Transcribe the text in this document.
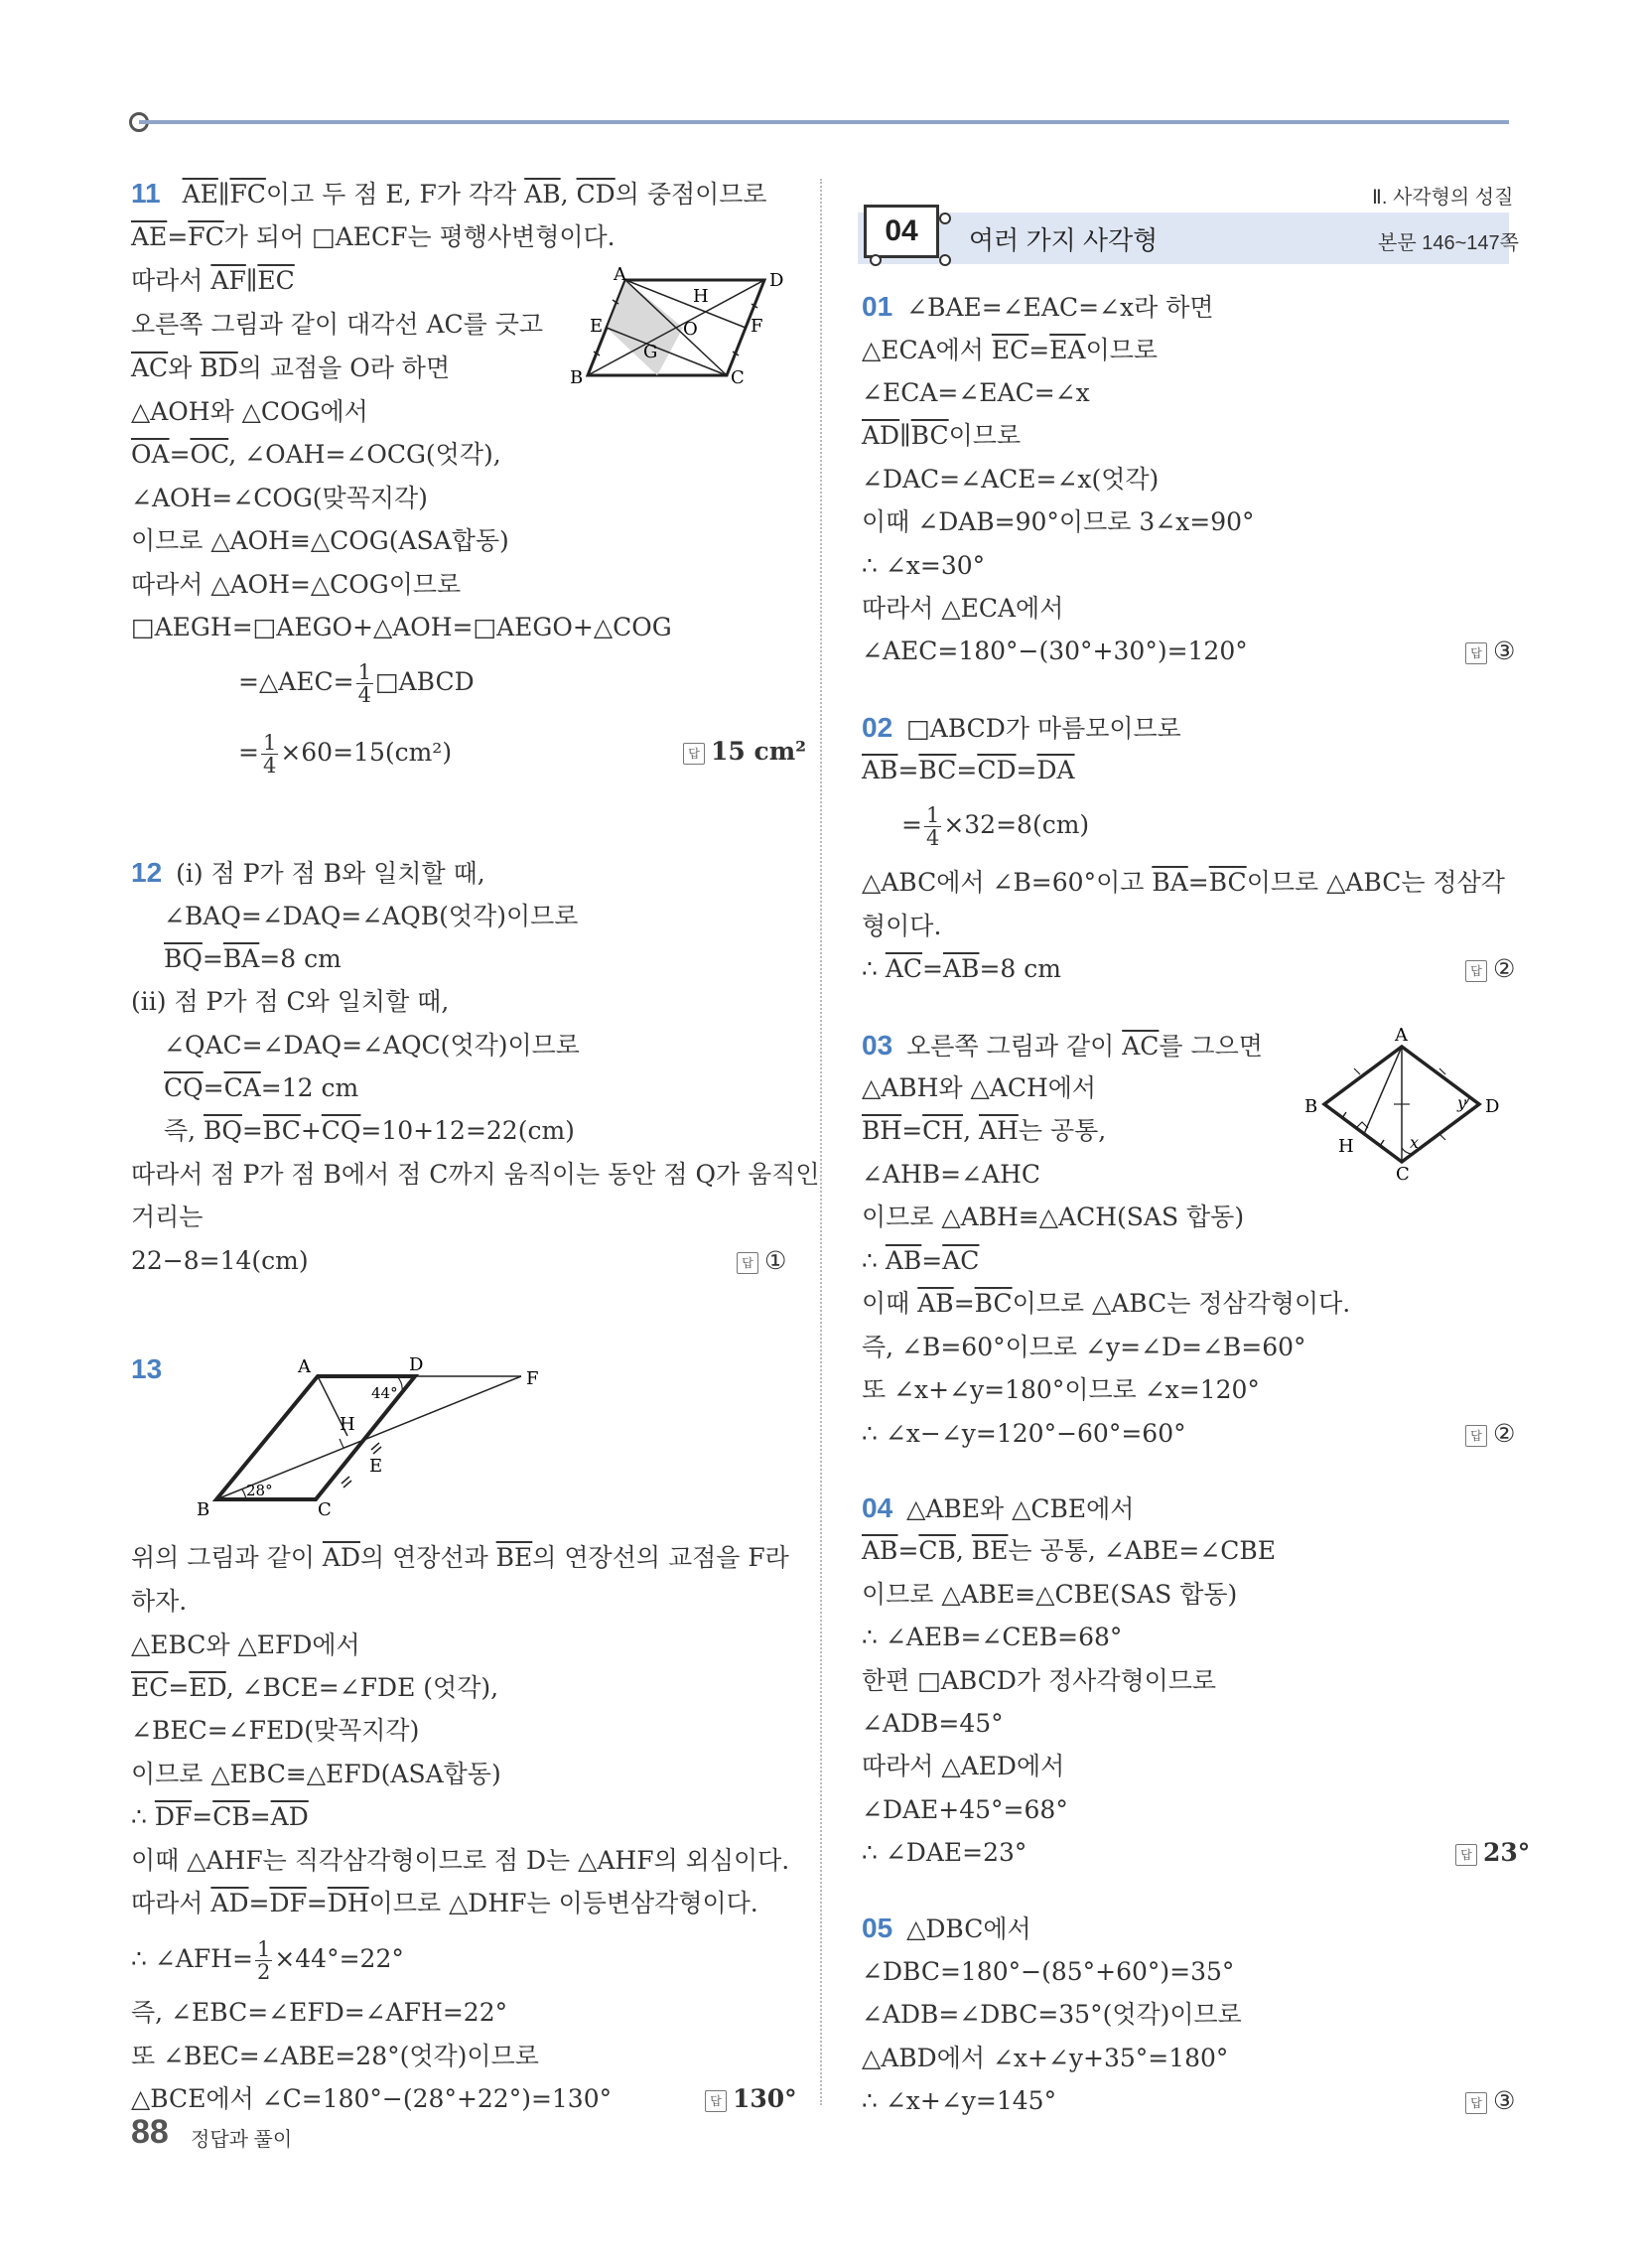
11 $\overline{AE}\parallel\overline{FC}$이고 두 점 E, F가 각각 $\overline{AB}$, $\overline{CD}$의 중점이므로
$\overline{AE}=\overline{FC}$가 되어 □AECF는 평행사변형이다.
따라서 $\overline{AF}\parallel\overline{EC}$
오른쪽 그림과 같이 대각선 AC를 긋고
$\overline{AC}$와 $\overline{BD}$의 교점을 O라 하면
△AOH와 △COG에서
$\overline{OA}=\overline{OC}$, ∠OAH=∠OCG(엇각),
∠AOH=∠COG(맞꼭지각)
이므로 △AOH≡△COG(ASA합동)
따라서 △AOH=△COG이므로
□AEGH=□AEGO+△AOH=□AEGO+△COG
=△AEC= $\frac{1}{4}$ □ABCD
= $\frac{1}{4} \times 60=15(cm^2)$	답 15 cm²
A	D
B	C
E	F
G
H
O
12 (ⅰ) 점 P가 점 B와 일치할 때,
∠BAQ=∠DAQ=∠AQB(엇각)이므로
$\overline{BQ}=\overline{BA}=8$ cm
(ⅱ) 점 P가 점 C와 일치할 때,
∠QAC=∠DAQ=∠AQC(엇각)이므로
$\overline{CQ}=\overline{CA}=12$ cm
즉, $\overline{BQ}=\overline{BC}+\overline{CQ}=10+12=22(cm)$
따라서 점 P가 점 B에서 점 C까지 움직이는 동안 점 Q가 움직인
거리는
22−8=14(cm)	답 ①
13	A	D
F
H
E
B	C
44°
28°
위의 그림과 같이 $\overline{AD}$의 연장선과 $\overline{BE}$의 연장선의 교점을 F라
하자.
△EBC와 △EFD에서
$\overline{EC}=\overline{ED}$, ∠BCE=∠FDE (엇각),
∠BEC=∠FED(맞꼭지각)
이므로 △EBC≡△EFD(ASA합동)
∴ $\overline{DF}=\overline{CB}=\overline{AD}$
이때 △AHF는 직각삼각형이므로 점 D는 △AHF의 외심이다.
따라서 $\overline{AD}=\overline{DF}=\overline{DH}$이므로 △DHF는 이등변삼각형이다.
∴ ∠AFH= $\frac{1}{2} \times 44^\circ=22^\circ$
즉, ∠EBC=∠EFD=∠AFH=22°
또 ∠BEC=∠ABE=28°(엇각)이므로
△BCE에서 ∠C=180°−(28°+22°)=130°	답 130°
Ⅱ. 사각형의 성질
04	여러 가지 사각형	본문 146~147쪽
01 ∠BAE=∠EAC=∠x라 하면
△ECA에서 $\overline{EC}=\overline{EA}$이므로
∠ECA=∠EAC=∠x
$\overline{AD}\parallel\overline{BC}$이므로
∠DAC=∠ACE=∠x(엇각)
이때 ∠DAB=90°이므로 3∠x=90°
∴ ∠x=30°
따라서 △ECA에서
∠AEC=180°−(30°+30°)=120°	답 ③
02 □ABCD가 마름모이므로
$\overline{AB}=\overline{BC}=\overline{CD}=\overline{DA}$
= $\frac{1}{4} \times 32=8(cm)$
△ABC에서 ∠B=60°이고 $\overline{BA}=\overline{BC}$이므로 △ABC는 정삼각
형이다.
∴ $\overline{AC}=\overline{AB}=8$ cm	답 ②
03 오른쪽 그림과 같이 $\overline{AC}$를 그으면
△ABH와 △ACH에서
$\overline{BH}=\overline{CH}$, $\overline{AH}$는 공통,
∠AHB=∠AHC
이므로 △ABH≡△ACH(SAS 합동)
∴ $\overline{AB}=\overline{AC}$
이때 $\overline{AB}=\overline{BC}$이므로 △ABC는 정삼각형이다.
즉, ∠B=60°이므로 ∠y=∠D=∠B=60°
또 ∠x+∠y=180°이므로 ∠x=120°
∴ ∠x−∠y=120°−60°=60°	답 ②
A
B	D
C
H	x
y
04 △ABE와 △CBE에서
$\overline{AB}=\overline{CB}$, $\overline{BE}$는 공통, ∠ABE=∠CBE
이므로 △ABE≡△CBE(SAS 합동)
∴ ∠AEB=∠CEB=68°
한편 □ABCD가 정사각형이므로
∠ADB=45°
따라서 △AED에서
∠DAE+45°=68°
∴ ∠DAE=23°	답 23°
05 △DBC에서
∠DBC=180°−(85°+60°)=35°
∠ADB=∠DBC=35°(엇각)이므로
△ABD에서 ∠x+∠y+35°=180°
∴ ∠x+∠y=145°	답 ③
88 정답과 풀이
